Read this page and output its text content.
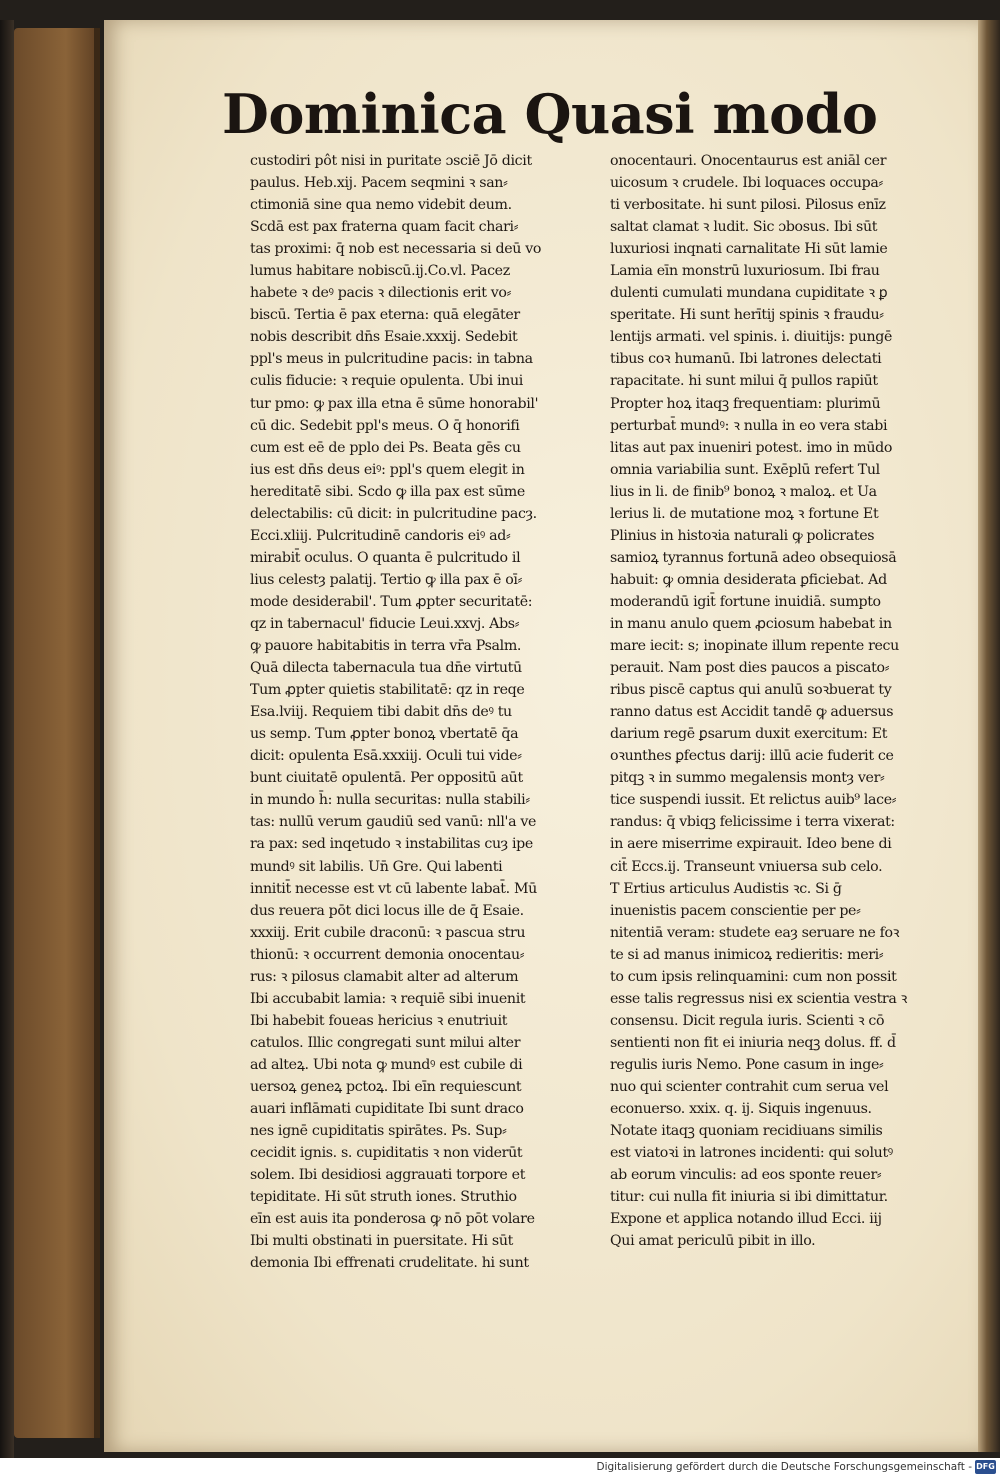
Dominica Quasi modo
custodiri pôt nisi in puritate ɔsciē Jō dicit
paulus. Heb.xij. Pacem seqmini ꝛ san⸗
ctimoniā sine qua nemo videbit deum.
Scdā est pax fraterna quam facit chari⸗
tas proximi: q̄ nob est necessaria si deū vo
lumus habitare nobiscū.ij.Co.vl. Pacez
habete ꝛ deꝰ pacis ꝛ dilectionis erit vo⸗
biscū. Tertia ē pax eterna: quā elegāter
nobis describit dn̄s Esaie.xxxij. Sedebit
ppl's meus in pulcritudine pacis: in tabna
culis fiducie: ꝛ requie opulenta. Ubi inui
tur pmo: ꝙ pax illa etna ē sūme honorabil'
cū dic. Sedebit ppl's meus. O q̄ honorifi
cum est eē de pplo dei Ps. Beata gēs cu
ius est dn̄s deus eiꝰ: ppl's quem elegit in
hereditatē sibi. Scdo ꝙ illa pax est sūme
delectabilis: cū dicit: in pulcritudine pacȝ.
Ecci.xliij. Pulcritudinē candoris eiꝰ ad⸗
mirabit̄ oculus. O quanta ē pulcritudo il
lius celestȝ palatij. Tertio ꝙ illa pax ē oī⸗
mode desiderabil'. Tum ꝓpter securitatē:
qz in tabernacul' fiducie Leui.xxvj. Abs⸗
ꝙ pauore habitabitis in terra vr̄a Psalm.
Quā dilecta tabernacula tua dn̄e virtutū
Tum ꝓpter quietis stabilitatē: qz in reqe
Esa.lviij. Requiem tibi dabit dn̄s deꝰ tu
us semp. Tum ꝓpter bonoꝝ vbertatē q̄a
dicit: opulenta Esā.xxxiij. Oculi tui vide⸗
bunt ciuitatē opulentā. Per oppositū aūt
in mundo h̄: nulla securitas: nulla stabili⸗
tas: nullū verum gaudiū sed vanū: nll'a ve
ra pax: sed inqetudo ꝛ instabilitas cuȝ ipe
mundꝰ sit labilis. Un̄ Gre. Qui labenti
innitit̄ necesse est vt cū labente labat̄. Mū
dus reuera pōt dici locus ille de q̄ Esaie.
xxxiij. Erit cubile draconū: ꝛ pascua stru
thionū: ꝛ occurrent demonia onocentau⸗
rus: ꝛ pilosus clamabit alter ad alterum
Ibi accubabit lamia: ꝛ requiē sibi inuenit
Ibi habebit foueas hericius ꝛ enutriuit
catulos. Illic congregati sunt milui alter
ad alteꝝ. Ubi nota ꝙ mundꝰ est cubile di
uersoꝝ geneꝝ pctoꝝ. Ibi eīn requiescunt
auari inflāmati cupiditate Ibi sunt draco
nes ignē cupiditatis spirātes. Ps. Sup⸗
cecidit ignis. s. cupiditatis ꝛ non viderūt
solem. Ibi desidiosi aggrauati torpore et
tepiditate. Hi sūt struth iones. Struthio
eīn est auis ita ponderosa ꝙ nō pōt volare
Ibi multi obstinati in puersitate. Hi sūt
demonia Ibi effrenati crudelitate. hi sunt
onocentauri. Onocentaurus est aniāl cer
uicosum ꝛ crudele. Ibi loquaces occupa⸗
ti verbositate. hi sunt pilosi. Pilosus enīz
saltat clamat ꝛ ludit. Sic ɔbosus. Ibi sūt
luxuriosi inqnati carnalitate Hi sūt lamie
Lamia eīn monstrū luxuriosum. Ibi frau
dulenti cumulati mundana cupiditate ꝛ ꝑ
speritate. Hi sunt herītij spinis ꝛ fraudu⸗
lentijs armati. vel spinis. i. diuitijs: pungē
tibus coꝛ humanū. Ibi latrones delectati
rapacitate. hi sunt milui q̄ pullos rapiūt
Propter hoꝝ itaqꝫ frequentiam: plurimū
perturbat̄ mundꝰ: ꝛ nulla in eo vera stabi
litas aut pax inueniri potest. imo in mūdo
omnia variabilia sunt. Exēplū refert Tul
lius in li. de finib⁹ bonoꝝ ꝛ maloꝝ. et Ua
lerius li. de mutatione moꝝ ꝛ fortune Et
Plinius in histoꝛia naturali ꝙ policrates
samioꝝ tyrannus fortunā adeo obsequiosā
habuit: ꝙ omnia desiderata ꝑficiebat. Ad
moderandū igit̄ fortune inuidiā. sumpto
in manu anulo quem ꝓciosum habebat in
mare iecit: s; inopinate illum repente recu
perauit. Nam post dies paucos a piscato⸗
ribus piscē captus qui anulū soꝛbuerat ty
ranno datus est Accidit tandē ꝙ aduersus
darium regē ꝑsarum duxit exercitum: Et
oꝛunthes ꝑfectus darij: illū acie fuderit ce
pitqꝫ ꝛ in summo megalensis montȝ ver⸗
tice suspendi iussit. Et relictus auib⁹ lace⸗
randus: q̄ vbiqꝫ felicissime i terra vixerat:
in aere miserrime expirauit. Ideo bene di
cit̄ Eccs.ij. Transeunt vniuersa sub celo.
T Ertius articulus Audistis ꝛc. Si ḡ
inuenistis pacem conscientie per pe⸗
nitentiā veram: studete eaȝ seruare ne foꝛ
te si ad manus inimicoꝝ redieritis: meri⸗
to cum ipsis relinquamini: cum non possit
esse talis regressus nisi ex scientia vestra ꝛ
consensu. Dicit regula iuris. Scienti ꝛ cō
sentienti non fit ei iniuria neqꝫ dolus. ff. d̄
regulis iuris Nemo. Pone casum in inge⸗
nuo qui scienter contrahit cum serua vel
econuerso. xxix. q. ij. Siquis ingenuus.
Notate itaqꝫ quoniam recidiuans similis
est viatoꝛi in latrones incidenti: qui solutꝰ
ab eorum vinculis: ad eos sponte reuer⸗
titur: cui nulla fit iniuria si ibi dimittatur.
Expone et applica notando illud Ecci. iij
Qui amat periculū pibit in illo.
Digitalisierung gefördert durch die Deutsche Forschungsgemeinschaft - DFG
